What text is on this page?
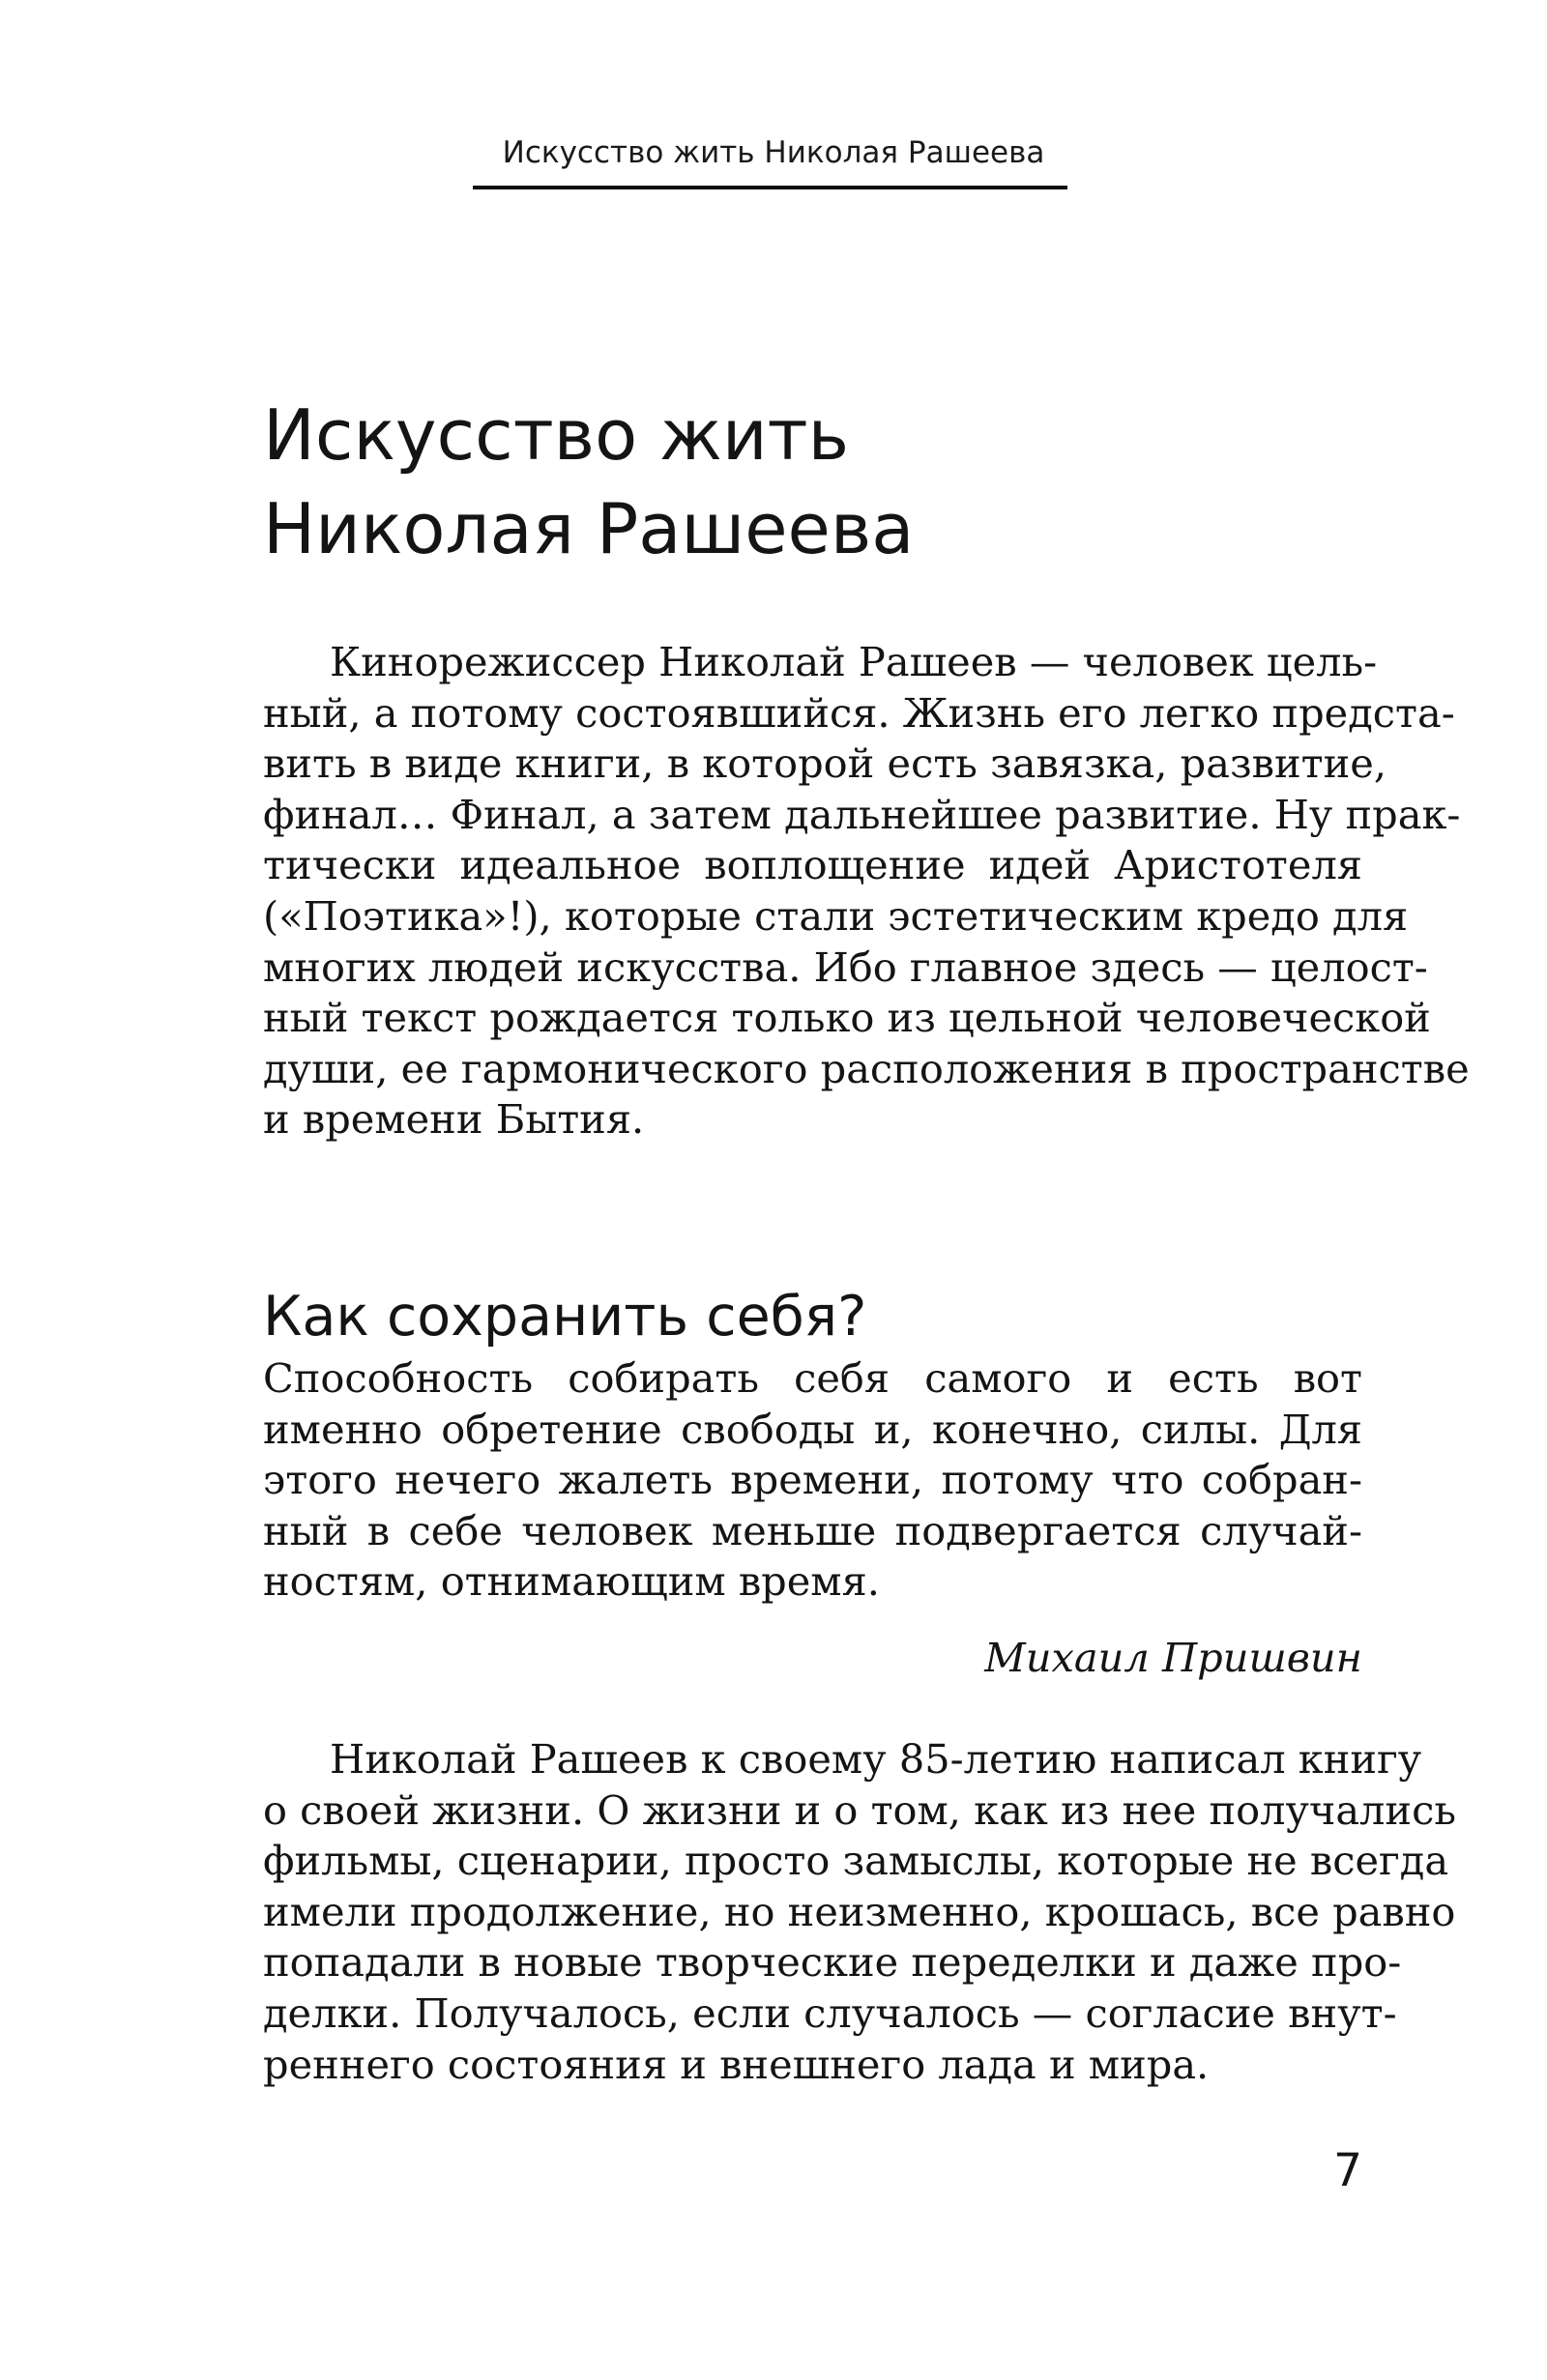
Искусство жить Николая Рашеева
Искусство жить
Николая Рашеева
Кинорежиссер Николай Рашеев — человек цель-
ный, а потому состоявшийся. Жизнь его легко предста-
вить в виде книги, в которой есть завязка, развитие,
финал… Финал, а затем дальнейшее развитие. Ну прак-
тически идеальное воплощение идей Аристотеля
(«Поэтика»!), которые стали эстетическим кредо для
многих людей искусства. Ибо главное здесь — целост-
ный текст рождается только из цельной человеческой
души, ее гармонического расположения в пространстве
и времени Бытия.
Как сохранить себя?
Способность собирать себя самого и есть вот
именно обретение свободы и, конечно, силы. Для
этого нечего жалеть времени, потому что собран-
ный в себе человек меньше подвергается случай-
ностям, отнимающим время.
Михаил Пришвин
Николай Рашеев к своему 85-летию написал книгу
о своей жизни. О жизни и о том, как из нее получались
фильмы, сценарии, просто замыслы, которые не всегда
имели продолжение, но неизменно, крошась, все равно
попадали в новые творческие переделки и даже про-
делки. Получалось, если случалось — согласие внут-
реннего состояния и внешнего лада и мира.
7
